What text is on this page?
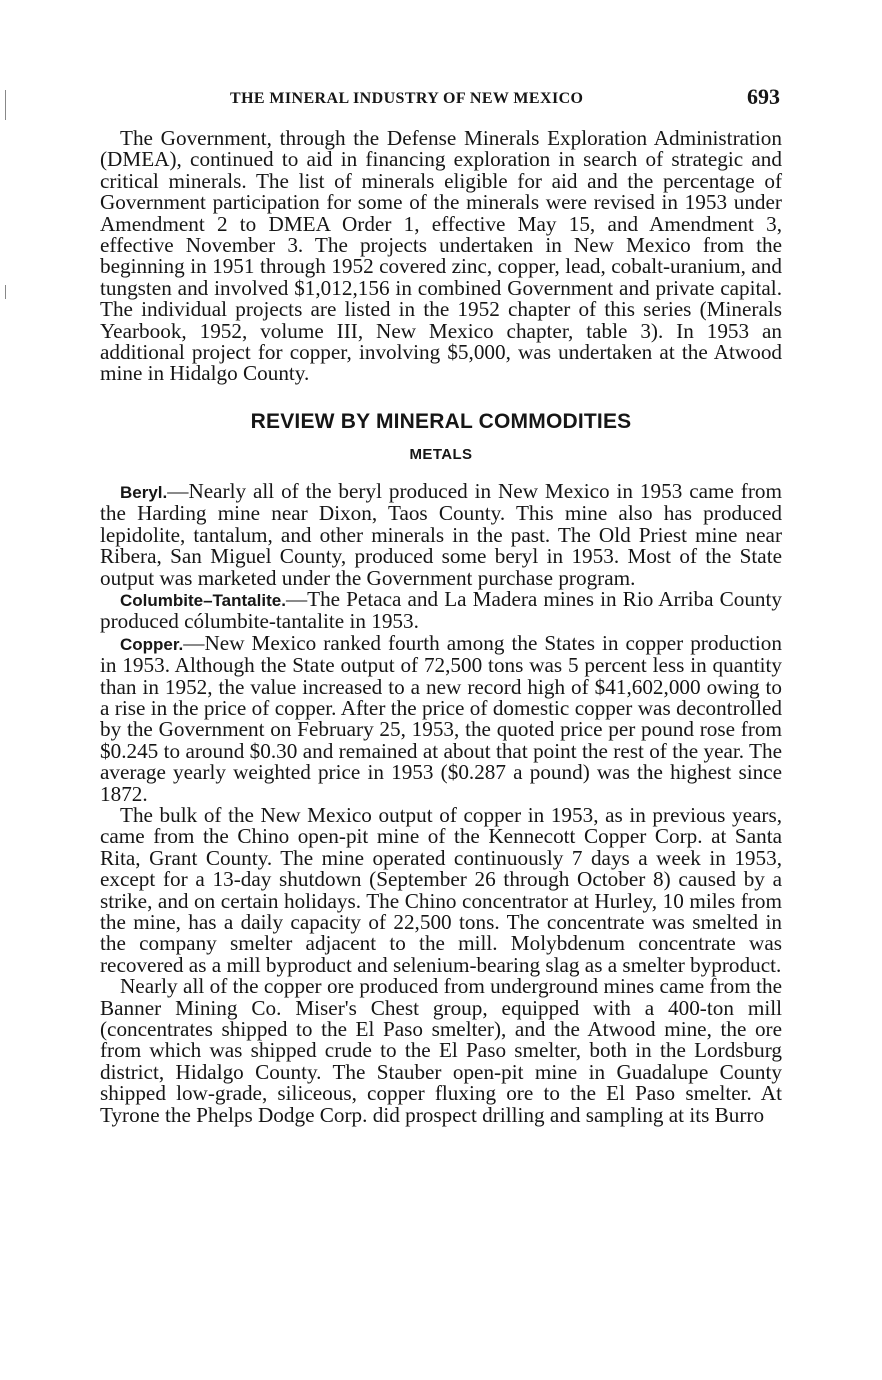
THE MINERAL INDUSTRY OF NEW MEXICO	693

The Government, through the Defense Minerals Exploration Administration (DMEA), continued to aid in financing exploration in search of strategic and critical minerals. The list of minerals eligible for aid and the percentage of Government participation for some of the minerals were revised in 1953 under Amendment 2 to DMEA Order 1, effective May 15, and Amendment 3, effective November 3. The projects undertaken in New Mexico from the beginning in 1951 through 1952 covered zinc, copper, lead, cobalt-uranium, and tungsten and involved $1,012,156 in combined Government and private capital. The individual projects are listed in the 1952 chapter of this series (Minerals Yearbook, 1952, volume III, New Mexico chapter, table 3). In 1953 an additional project for copper, involving $5,000, was undertaken at the Atwood mine in Hidalgo County.

REVIEW BY MINERAL COMMODITIES
METALS

Beryl.—Nearly all of the beryl produced in New Mexico in 1953 came from the Harding mine near Dixon, Taos County. This mine also has produced lepidolite, tantalum, and other minerals in the past. The Old Priest mine near Ribera, San Miguel County, produced some beryl in 1953. Most of the State output was marketed under the Government purchase program.

Columbite–Tantalite.—The Petaca and La Madera mines in Rio Arriba County produced cólumbite-tantalite in 1953.

Copper.—New Mexico ranked fourth among the States in copper production in 1953. Although the State output of 72,500 tons was 5 percent less in quantity than in 1952, the value increased to a new record high of $41,602,000 owing to a rise in the price of copper. After the price of domestic copper was decontrolled by the Government on February 25, 1953, the quoted price per pound rose from $0.245 to around $0.30 and remained at about that point the rest of the year. The average yearly weighted price in 1953 ($0.287 a pound) was the highest since 1872.

The bulk of the New Mexico output of copper in 1953, as in previous years, came from the Chino open-pit mine of the Kennecott Copper Corp. at Santa Rita, Grant County. The mine operated continuously 7 days a week in 1953, except for a 13-day shutdown (September 26 through October 8) caused by a strike, and on certain holidays. The Chino concentrator at Hurley, 10 miles from the mine, has a daily capacity of 22,500 tons. The concentrate was smelted in the company smelter adjacent to the mill. Molybdenum concentrate was recovered as a mill byproduct and selenium-bearing slag as a smelter byproduct.

Nearly all of the copper ore produced from underground mines came from the Banner Mining Co. Miser's Chest group, equipped with a 400-ton mill (concentrates shipped to the El Paso smelter), and the Atwood mine, the ore from which was shipped crude to the El Paso smelter, both in the Lordsburg district, Hidalgo County. The Stauber open-pit mine in Guadalupe County shipped low-grade, siliceous, copper fluxing ore to the El Paso smelter. At Tyrone the Phelps Dodge Corp. did prospect drilling and sampling at its Burro
